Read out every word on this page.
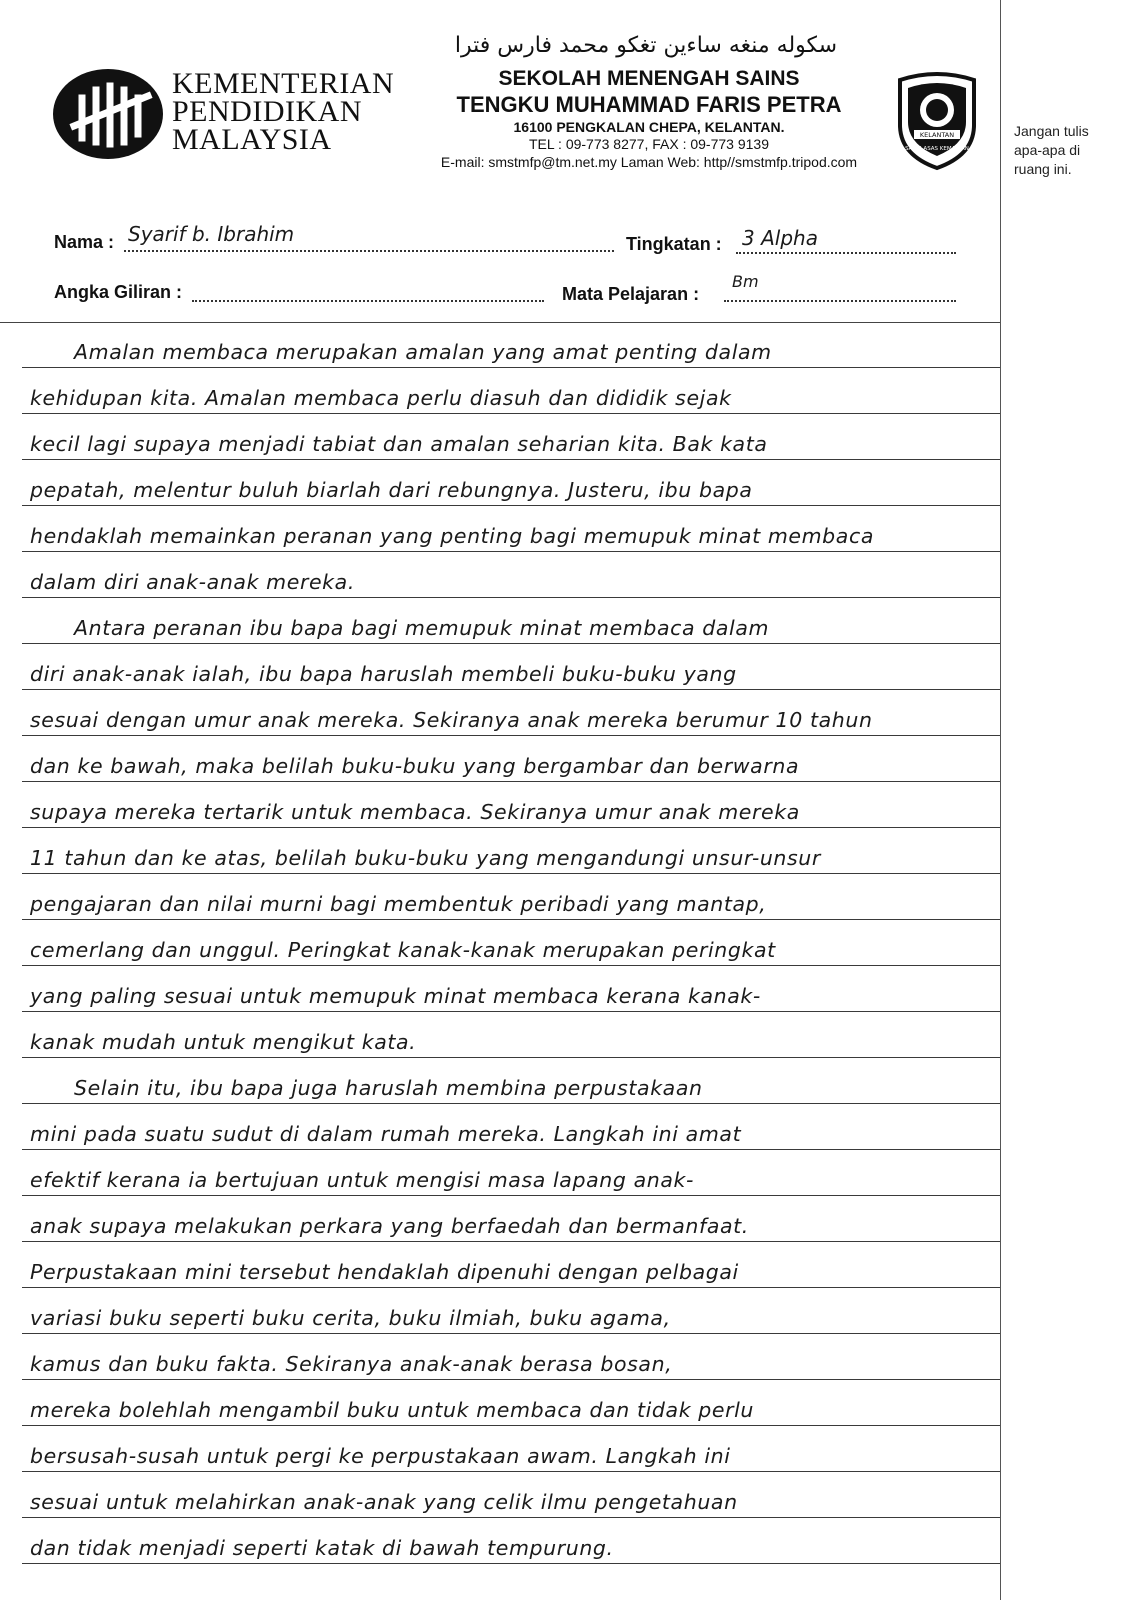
KEMENTERIAN
PENDIDIKAN
MALAYSIA
سكوله منغه ساءين تغكو محمد فارس فترا
SEKOLAH MENENGAH SAINS
TENGKU MUHAMMAD FARIS PETRA
16100 PENGKALAN CHEPA, KELANTAN.
TEL : 09-773 8277, FAX : 09-773 9139
E-mail: smstmfp@tm.net.my Laman Web: http//smstmfp.tripod.com
KELANTAN
SAINS ASAS KEMAJUAN
Jangan tulis apa-apa di ruang ini.
Nama : Syarif b. Ibrahim	Tingkatan : 3 Alpha
Angka Giliran :	Mata Pelajaran :
Bm
Amalan membaca merupakan amalan yang amat penting dalam
kehidupan kita. Amalan membaca perlu diasuh dan dididik sejak
kecil lagi supaya menjadi tabiat dan amalan seharian kita. Bak kata
pepatah, melentur buluh biarlah dari rebungnya. Justeru, ibu bapa
hendaklah memainkan peranan yang penting bagi memupuk minat membaca
dalam diri anak-anak mereka.
Antara peranan ibu bapa bagi memupuk minat membaca dalam
diri anak-anak ialah, ibu bapa haruslah membeli buku-buku yang
sesuai dengan umur anak mereka. Sekiranya anak mereka berumur 10 tahun
dan ke bawah, maka belilah buku-buku yang bergambar dan berwarna
supaya mereka tertarik untuk membaca. Sekiranya umur anak mereka
11 tahun dan ke atas, belilah buku-buku yang mengandungi unsur-unsur
pengajaran dan nilai murni bagi membentuk peribadi yang mantap,
cemerlang dan unggul. Peringkat kanak-kanak merupakan peringkat
yang paling sesuai untuk memupuk minat membaca kerana kanak-
kanak mudah untuk mengikut kata.
Selain itu, ibu bapa juga haruslah membina perpustakaan
mini pada suatu sudut di dalam rumah mereka. Langkah ini amat
efektif kerana ia bertujuan untuk mengisi masa lapang anak-
anak supaya melakukan perkara yang berfaedah dan bermanfaat.
Perpustakaan mini tersebut hendaklah dipenuhi dengan pelbagai
variasi buku seperti buku cerita, buku ilmiah, buku agama,
kamus dan buku fakta. Sekiranya anak-anak berasa bosan,
mereka bolehlah mengambil buku untuk membaca dan tidak perlu
bersusah-susah untuk pergi ke perpustakaan awam. Langkah ini
sesuai untuk melahirkan anak-anak yang celik ilmu pengetahuan
dan tidak menjadi seperti katak di bawah tempurung.
